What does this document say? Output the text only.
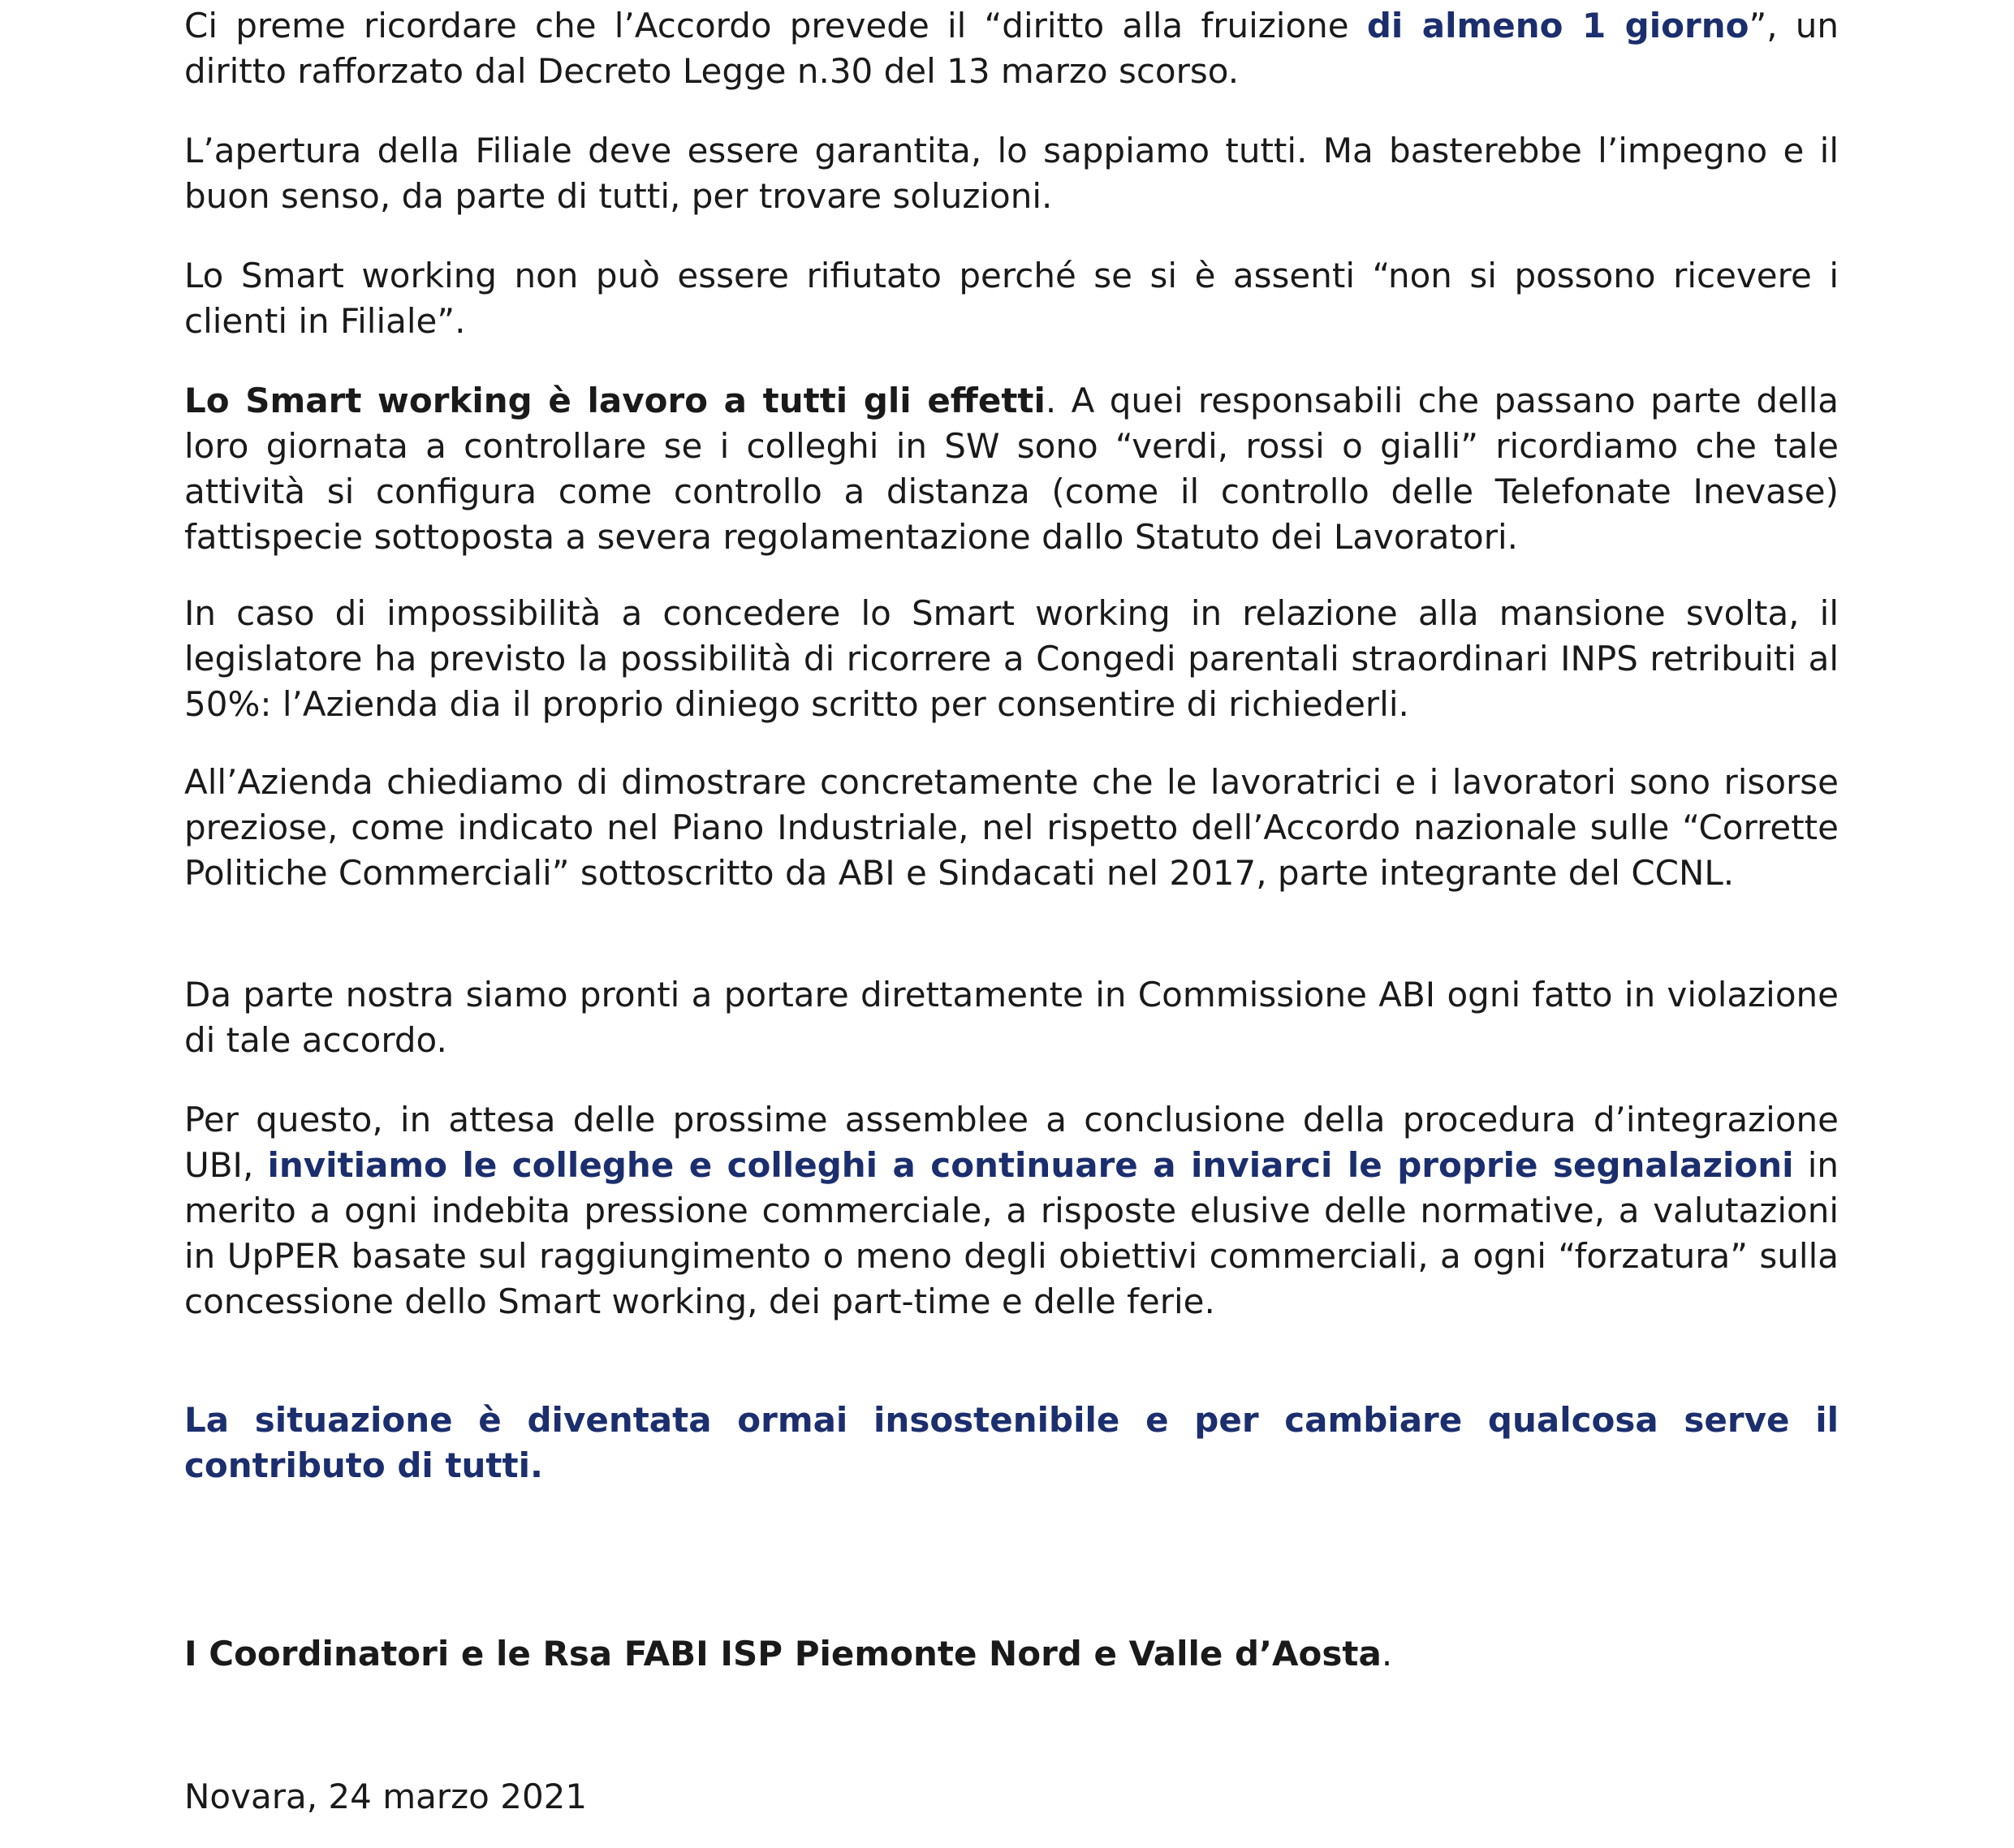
Ci preme ricordare che l’Accordo prevede il “diritto alla fruizione di almeno 1 giorno”, un diritto rafforzato dal Decreto Legge n.30 del 13 marzo scorso.

L’apertura della Filiale deve essere garantita, lo sappiamo tutti. Ma basterebbe l’impegno e il buon senso, da parte di tutti, per trovare soluzioni.

Lo Smart working non può essere rifiutato perché se si è assenti “non si possono ricevere i clienti in Filiale”.

Lo Smart working è lavoro a tutti gli effetti. A quei responsabili che passano parte della loro giornata a controllare se i colleghi in SW sono “verdi, rossi o gialli” ricordiamo che tale attività si configura come controllo a distanza (come il controllo delle Telefonate Inevase) fattispecie sottoposta a severa regolamentazione dallo Statuto dei Lavoratori.

In caso di impossibilità a concedere lo Smart working in relazione alla mansione svolta, il legislatore ha previsto la possibilità di ricorrere a Congedi parentali straordinari INPS retribuiti al 50%: l’Azienda dia il proprio diniego scritto per consentire di richiederli.

All’Azienda chiediamo di dimostrare concretamente che le lavoratrici e i lavoratori sono risorse preziose, come indicato nel Piano Industriale, nel rispetto dell’Accordo nazionale sulle “Corrette Politiche Commerciali” sottoscritto da ABI e Sindacati nel 2017, parte integrante del CCNL.

Da parte nostra siamo pronti a portare direttamente in Commissione ABI ogni fatto in violazione di tale accordo.

Per questo, in attesa delle prossime assemblee a conclusione della procedura d’integrazione UBI, invitiamo le colleghe e colleghi a continuare a inviarci le proprie segnalazioni in merito a ogni indebita pressione commerciale, a risposte elusive delle normative, a valutazioni in UpPER basate sul raggiungimento o meno degli obiettivi commerciali, a ogni “forzatura” sulla concessione dello Smart working, dei part-time e delle ferie.

La situazione è diventata ormai insostenibile e per cambiare qualcosa serve il contributo di tutti.

I Coordinatori e le Rsa FABI ISP Piemonte Nord e Valle d’Aosta.

Novara, 24 marzo 2021
